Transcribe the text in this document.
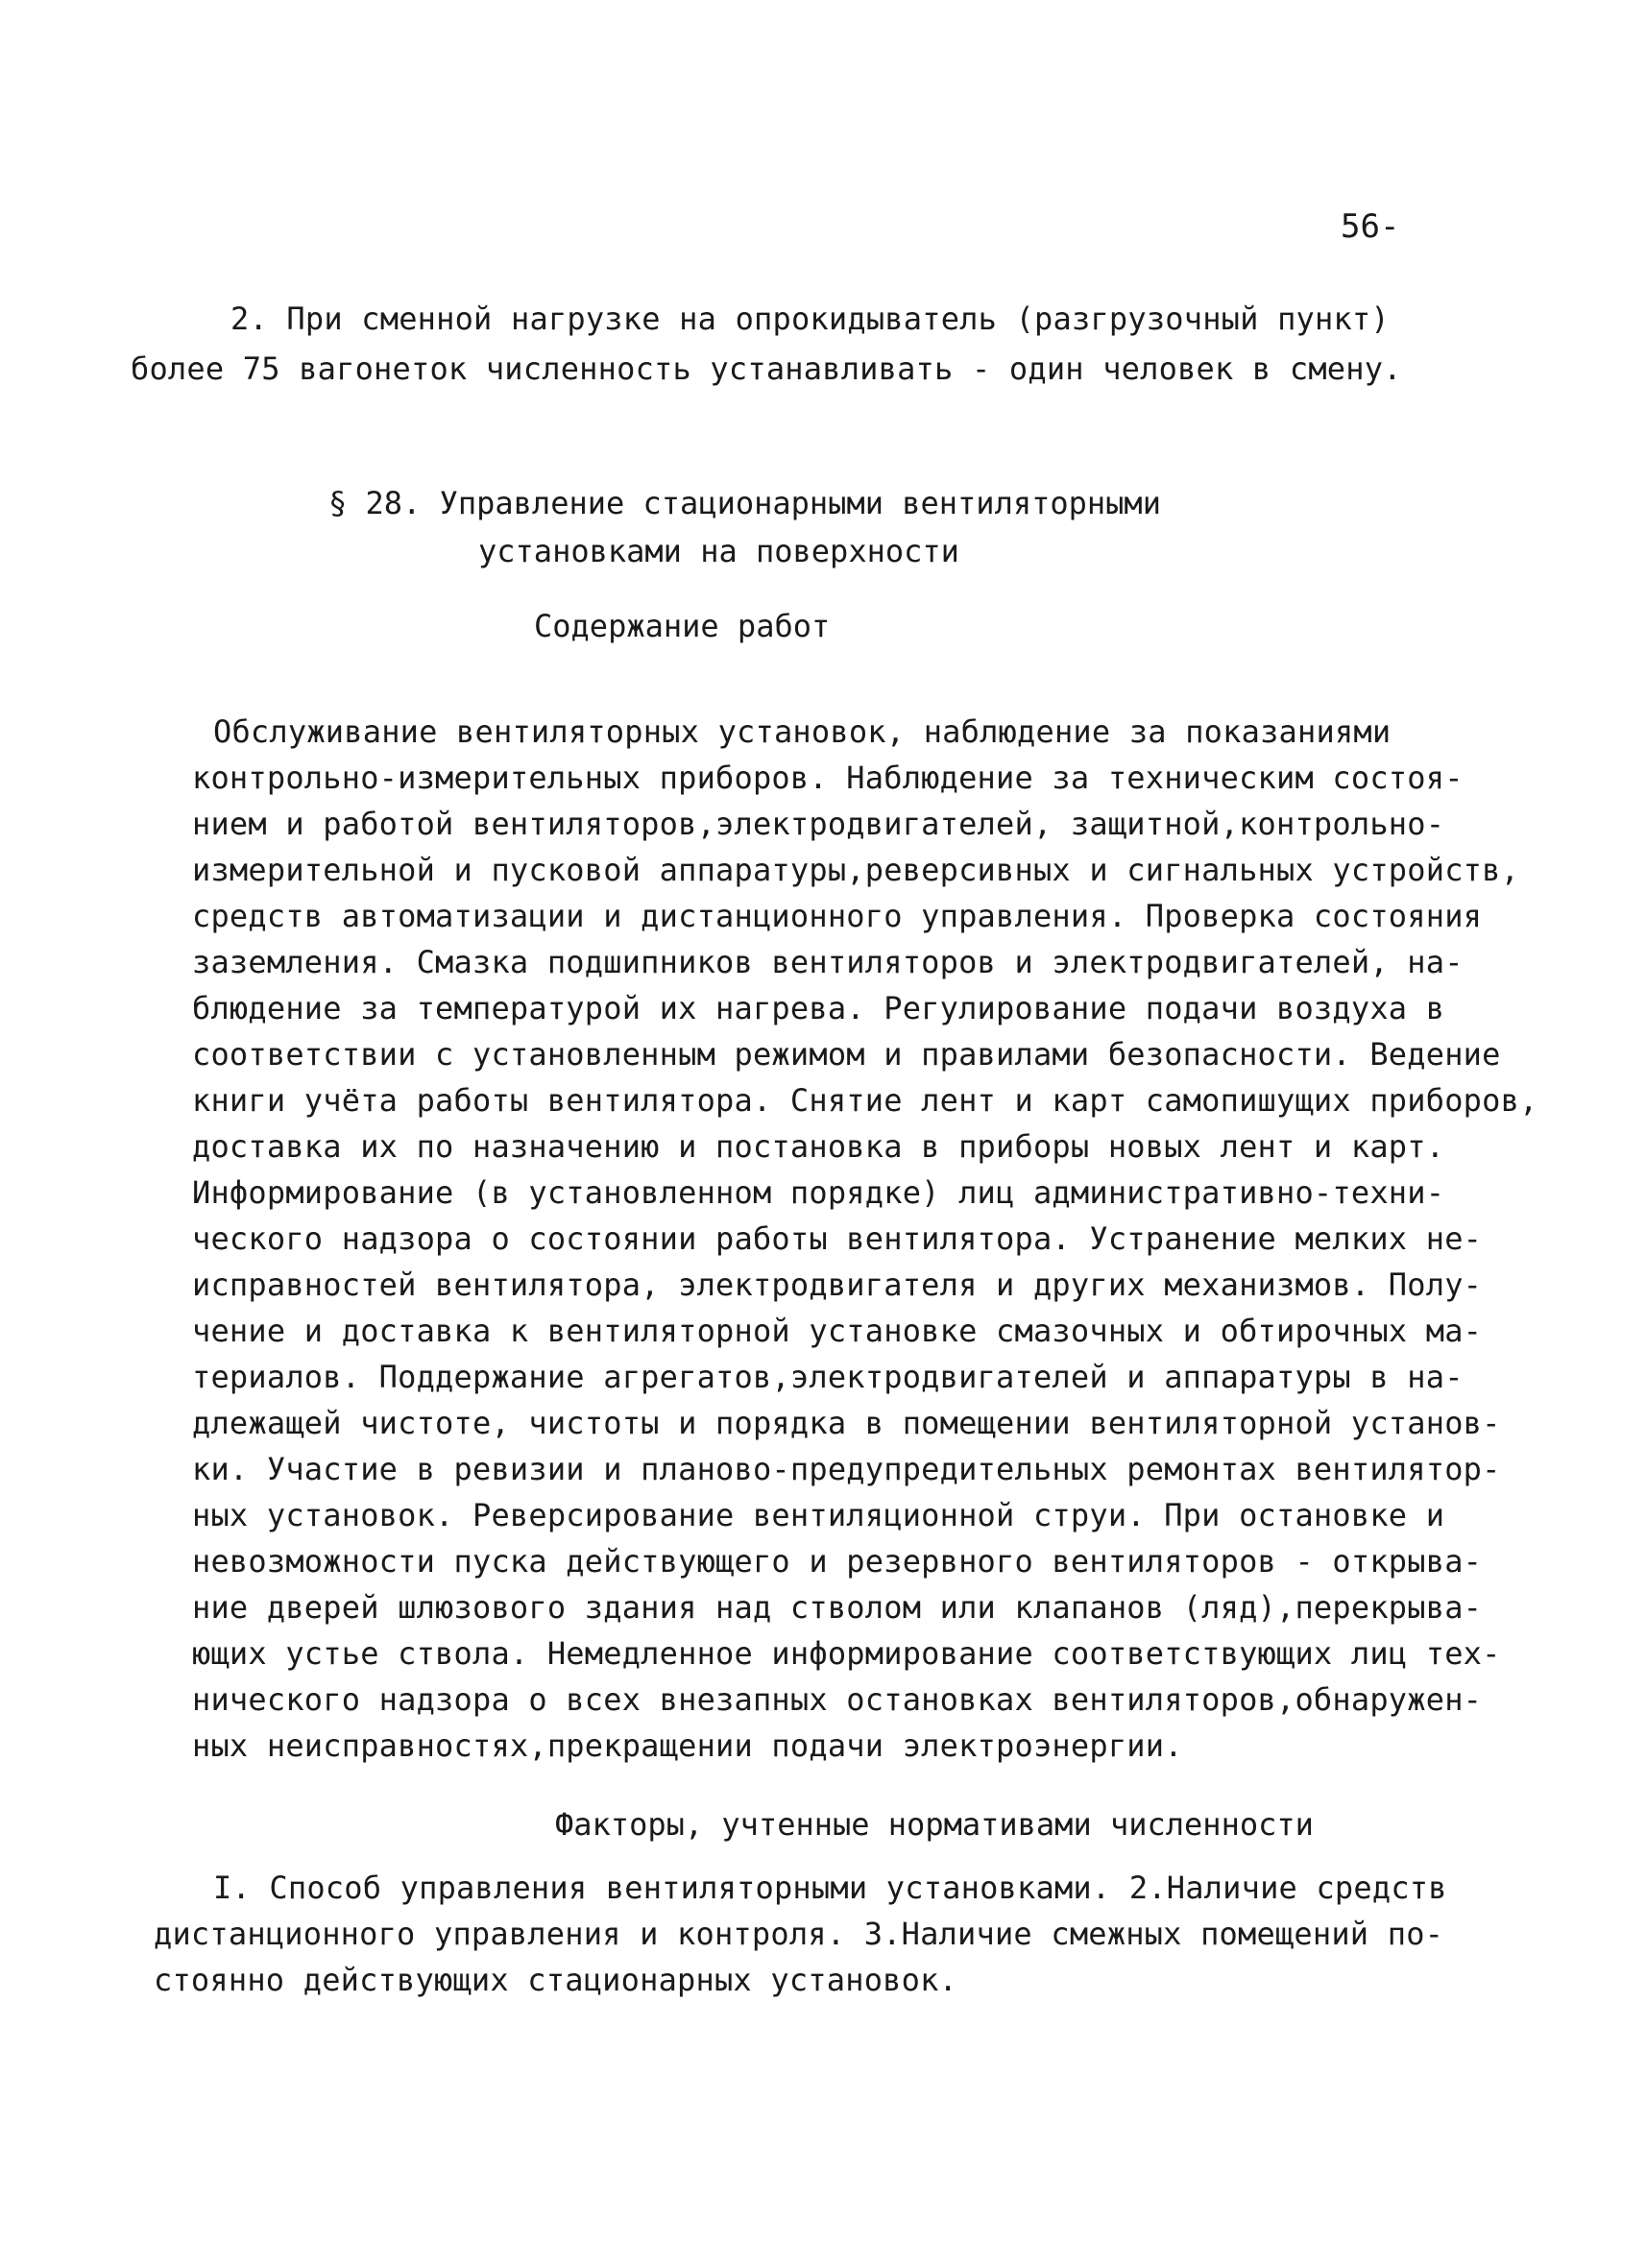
56-
2. При сменной нагрузке на опрокидыватель (разгрузочный пункт)
более 75 вагонеток численность устанавливать - один человек в смену.
§ 28. Управление стационарными вентиляторными
установками на поверхности
Содержание работ
Обслуживание вентиляторных установок, наблюдение за показаниями
контрольно-измерительных приборов. Наблюдение за техническим состоя-
нием и работой вентиляторов,электродвигателей, защитной,контрольно-
измерительной и пусковой аппаратуры,реверсивных и сигнальных устройств,
средств автоматизации и дистанционного управления. Проверка состояния
заземления. Смазка подшипников вентиляторов и электродвигателей, на-
блюдение за температурой их нагрева. Регулирование подачи воздуха в
соответствии с установленным режимом и правилами безопасности. Ведение
книги учёта работы вентилятора. Снятие лент и карт самопишущих приборов,
доставка их по назначению и постановка в приборы новых лент и карт.
Информирование (в установленном порядке) лиц административно-техни-
ческого надзора о состоянии работы вентилятора. Устранение мелких не-
исправностей вентилятора, электродвигателя и других механизмов. Полу-
чение и доставка к вентиляторной установке смазочных и обтирочных ма-
териалов. Поддержание агрегатов,электродвигателей и аппаратуры в на-
длежащей чистоте, чистоты и порядка в помещении вентиляторной установ-
ки. Участие в ревизии и планово-предупредительных ремонтах вентилятор-
ных установок. Реверсирование вентиляционной струи. При остановке и
невозможности пуска действующего и резервного вентиляторов - открыва-
ние дверей шлюзового здания над стволом или клапанов (ляд),перекрыва-
ющих устье ствола. Немедленное информирование соответствующих лиц тех-
нического надзора о всех внезапных остановках вентиляторов,обнаружен-
ных неисправностях,прекращении подачи электроэнергии.
Факторы, учтенные нормативами численности
I. Способ управления вентиляторными установками. 2.Наличие средств
дистанционного управления и контроля. 3.Наличие смежных помещений по-
стоянно действующих стационарных установок.
